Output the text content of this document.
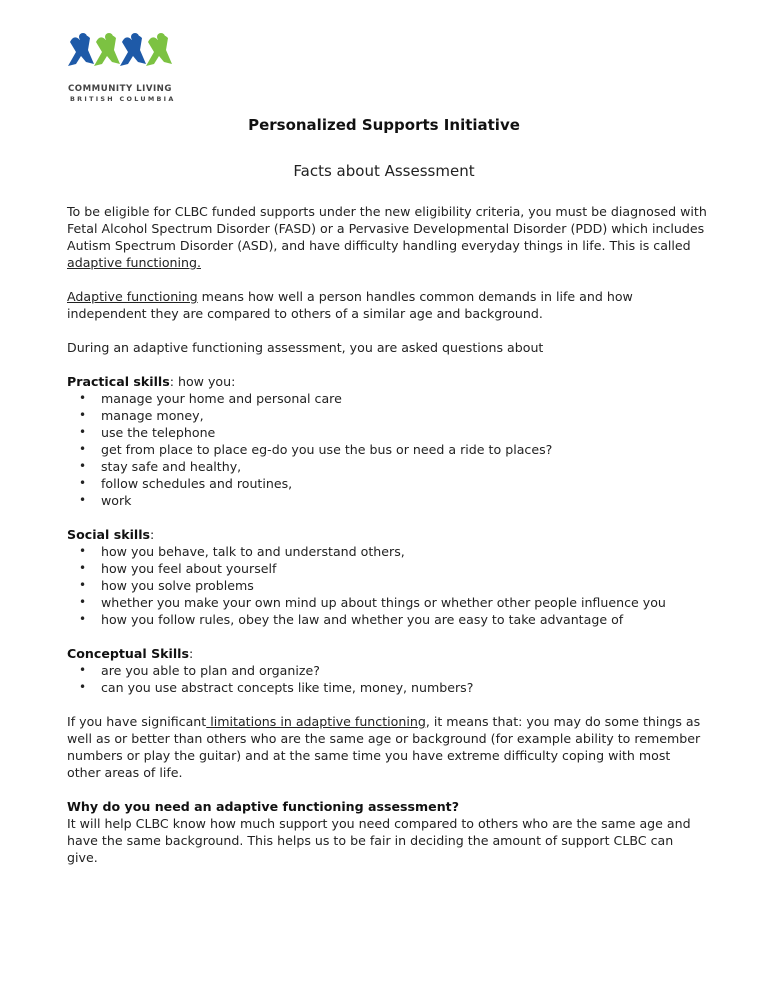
COMMUNITY LIVING
BRITISH COLUMBIA
Personalized Supports Initiative
Facts about Assessment

To be eligible for CLBC funded supports under the new eligibility criteria, you must be diagnosed with Fetal Alcohol Spectrum Disorder (FASD) or a Pervasive Developmental Disorder (PDD) which includes Autism Spectrum Disorder (ASD), and have difficulty handling everyday things in life. This is called adaptive functioning.

Adaptive functioning means how well a person handles common demands in life and how independent they are compared to others of a similar age and background.

During an adaptive functioning assessment, you are asked questions about

Practical skills: how you:
• manage your home and personal care
• manage money,
• use the telephone
• get from place to place eg-do you use the bus or need a ride to places?
• stay safe and healthy,
• follow schedules and routines,
• work
Social skills:
• how you behave, talk to and understand others,
• how you feel about yourself
• how you solve problems
• whether you make your own mind up about things or whether other people influence you
• how you follow rules, obey the law and whether you are easy to take advantage of
Conceptual Skills:
• are you able to plan and organize?
• can you use abstract concepts like time, money, numbers?

If you have significant limitations in adaptive functioning, it means that: you may do some things as well as or better than others who are the same age or background (for example ability to remember numbers or play the guitar) and at the same time you have extreme difficulty coping with most other areas of life.

Why do you need an adaptive functioning assessment?

It will help CLBC know how much support you need compared to others who are the same age and have the same background. This helps us to be fair in deciding the amount of support CLBC can give.
